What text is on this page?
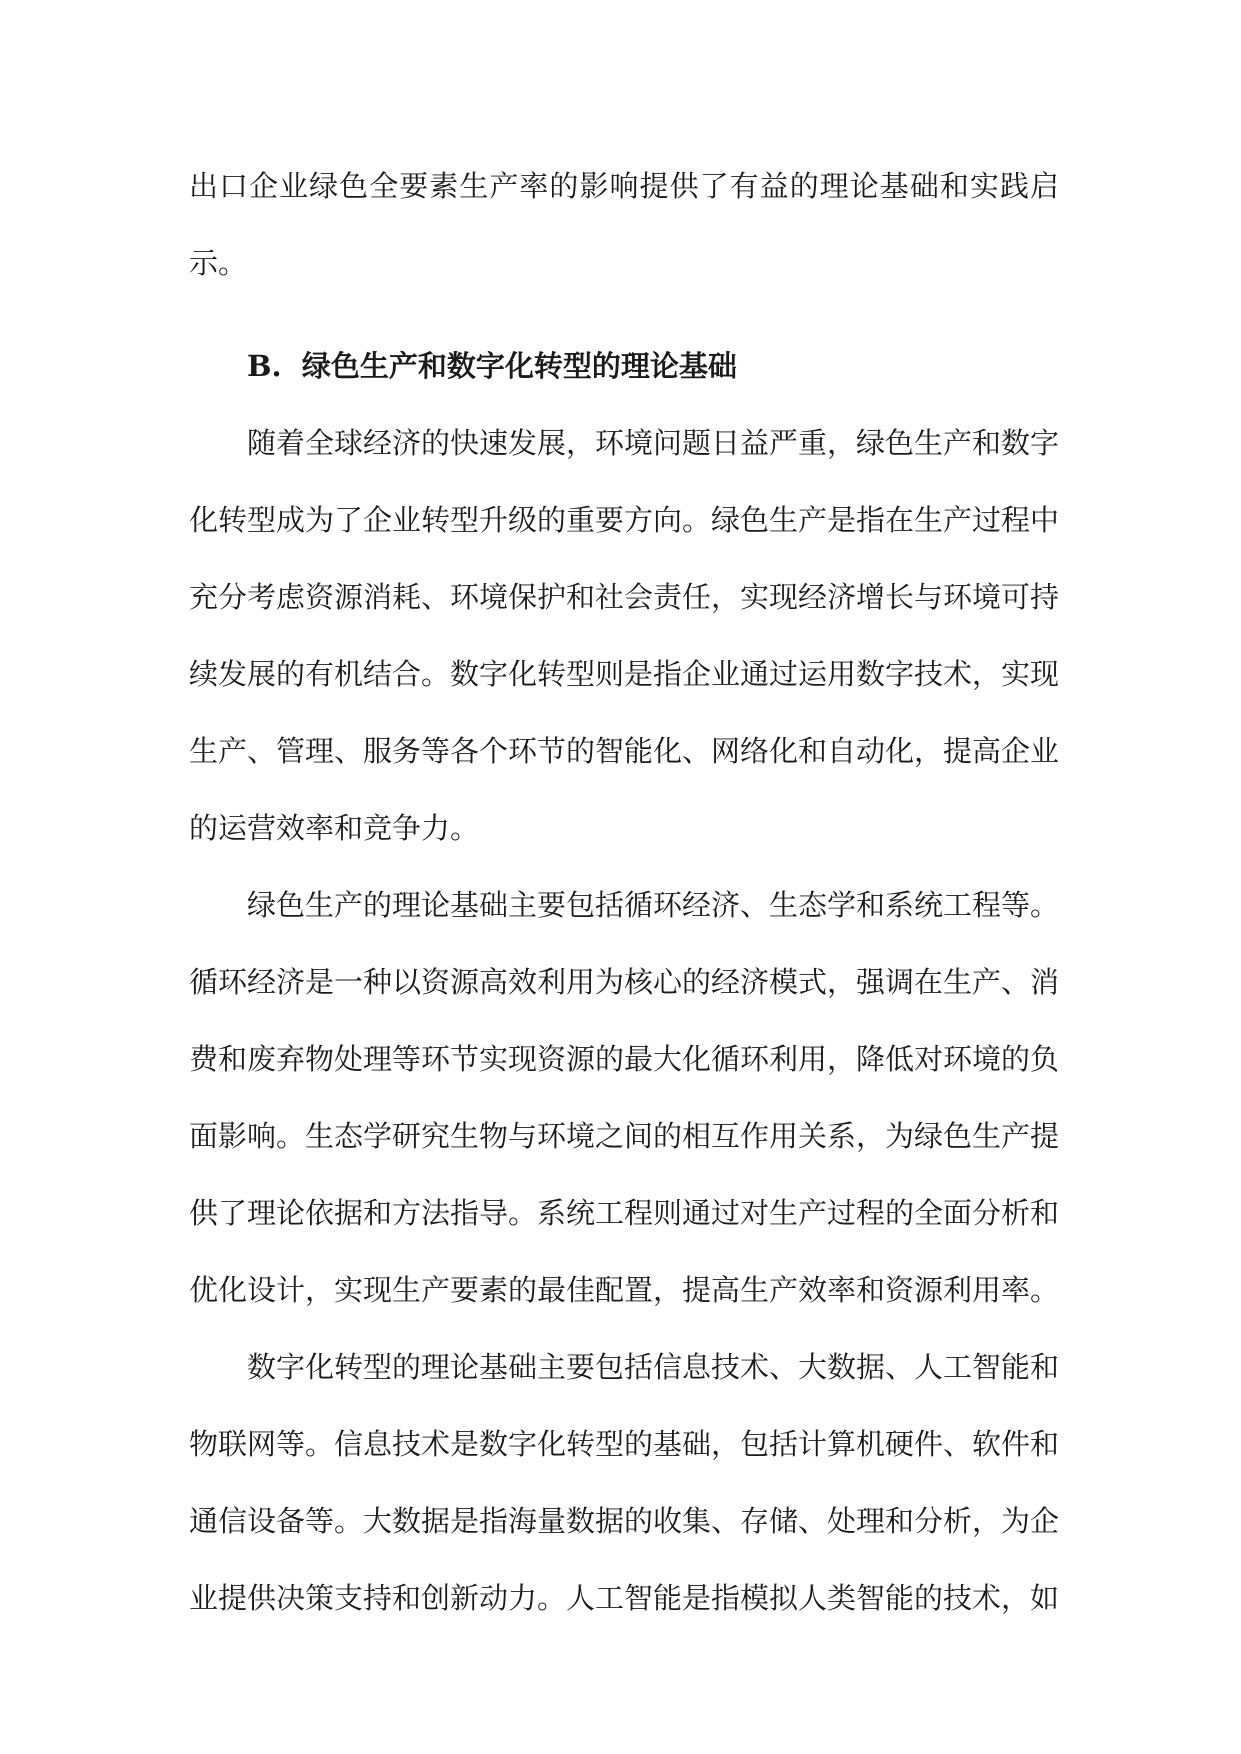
出口企业绿色全要素生产率的影响提供了有益的理论基础和实践启示。

B. 绿色生产和数字化转型的理论基础

随着全球经济的快速发展，环境问题日益严重，绿色生产和数字化转型成为了企业转型升级的重要方向。绿色生产是指在生产过程中充分考虑资源消耗、环境保护和社会责任，实现经济增长与环境可持续发展的有机结合。数字化转型则是指企业通过运用数字技术，实现生产、管理、服务等各个环节的智能化、网络化和自动化，提高企业的运营效率和竞争力。

绿色生产的理论基础主要包括循环经济、生态学和系统工程等。循环经济是一种以资源高效利用为核心的经济模式，强调在生产、消费和废弃物处理等环节实现资源的最大化循环利用，降低对环境的负面影响。生态学研究生物与环境之间的相互作用关系，为绿色生产提供了理论依据和方法指导。系统工程则通过对生产过程的全面分析和优化设计，实现生产要素的最佳配置，提高生产效率和资源利用率。

数字化转型的理论基础主要包括信息技术、大数据、人工智能和物联网等。信息技术是数字化转型的基础，包括计算机硬件、软件和通信设备等。大数据是指海量数据的收集、存储、处理和分析，为企业提供决策支持和创新动力。人工智能是指模拟人类智能的技术，如
